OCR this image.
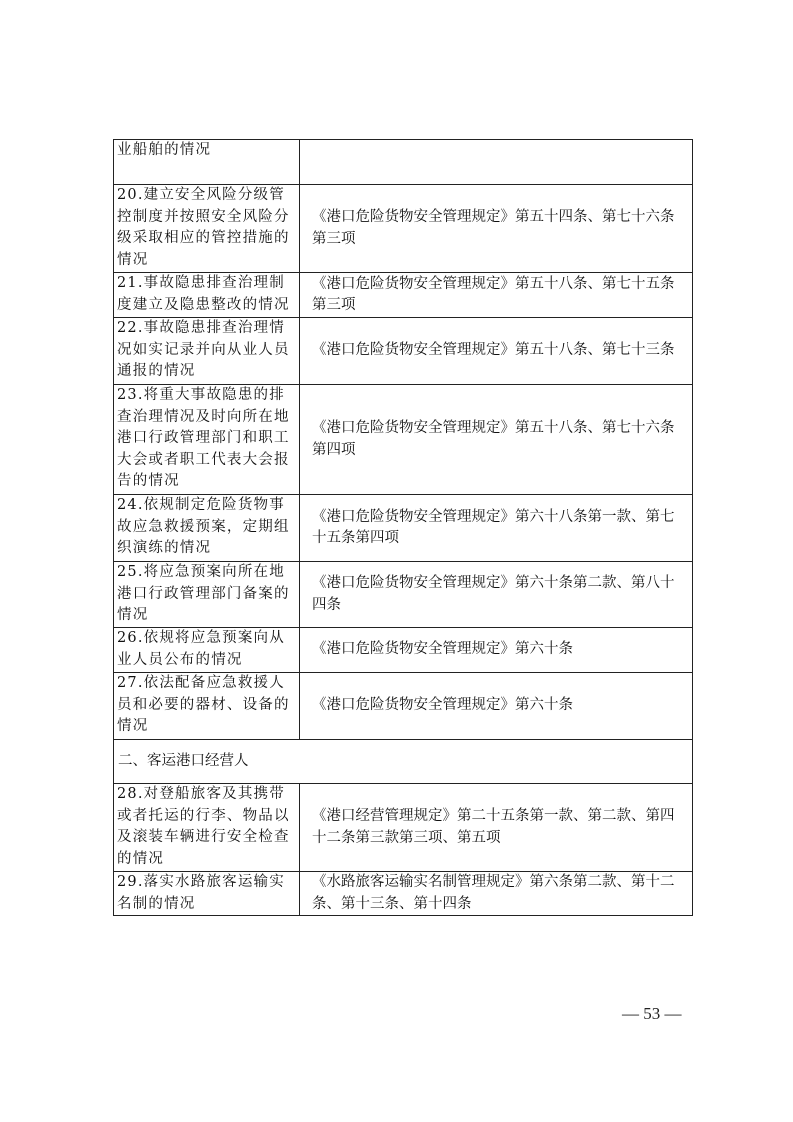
业船舶的情况	
20.建立安全风险分级管控制度并按照安全风险分级采取相应的管控措施的情况	《港口危险货物安全管理规定》第五十四条、第七十六条第三项
21.事故隐患排查治理制度建立及隐患整改的情况	《港口危险货物安全管理规定》第五十八条、第七十五条第三项
22.事故隐患排查治理情况如实记录并向从业人员通报的情况	《港口危险货物安全管理规定》第五十八条、第七十三条
23.将重大事故隐患的排查治理情况及时向所在地港口行政管理部门和职工大会或者职工代表大会报告的情况	《港口危险货物安全管理规定》第五十八条、第七十六条第四项
24.依规制定危险货物事故应急救援预案，定期组织演练的情况	《港口危险货物安全管理规定》第六十八条第一款、第七十五条第四项
25.将应急预案向所在地港口行政管理部门备案的情况	《港口危险货物安全管理规定》第六十条第二款、第八十四条
26.依规将应急预案向从业人员公布的情况	《港口危险货物安全管理规定》第六十条
27.依法配备应急救援人员和必要的器材、设备的情况	《港口危险货物安全管理规定》第六十条
二、客运港口经营人	
28.对登船旅客及其携带或者托运的行李、物品以及滚装车辆进行安全检查的情况	《港口经营管理规定》第二十五条第一款、第二款、第四十二条第三款第三项、第五项
29.落实水路旅客运输实名制的情况	《水路旅客运输实名制管理规定》第六条第二款、第十二条、第十三条、第十四条
— 53 —
